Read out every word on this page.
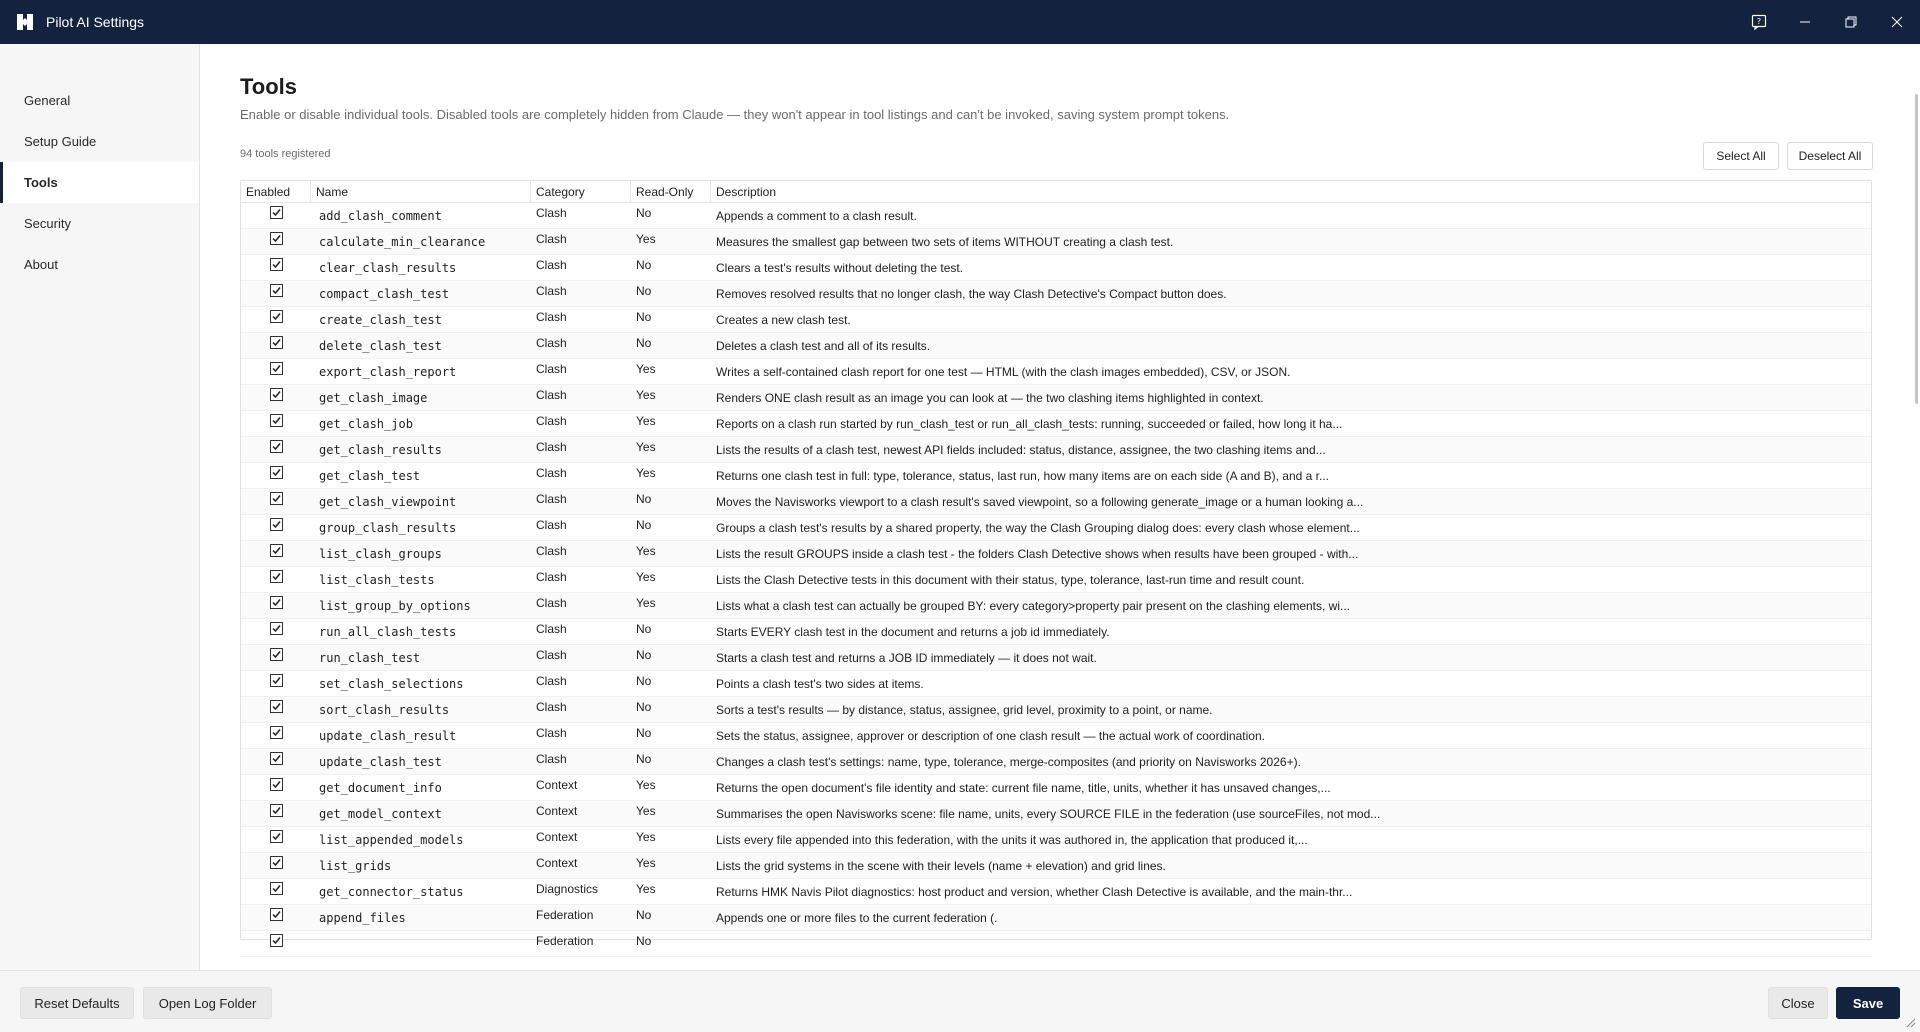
Pilot AI Settings	?
General
Setup Guide
Tools
Security
About
Tools
Enable or disable individual tools. Disabled tools are completely hidden from Claude — they won't appear in tool listings and can't be invoked, saving system prompt tokens.
94 tools registered	Select All	Deselect All
Enabled	Name	Category	Read-Only	Description
add_clash_comment	Clash	No	Appends a comment to a clash result.
calculate_min_clearance	Clash	Yes	Measures the smallest gap between two sets of items WITHOUT creating a clash test.
clear_clash_results	Clash	No	Clears a test's results without deleting the test.
compact_clash_test	Clash	No	Removes resolved results that no longer clash, the way Clash Detective's Compact button does.
create_clash_test	Clash	No	Creates a new clash test.
delete_clash_test	Clash	No	Deletes a clash test and all of its results.
export_clash_report	Clash	Yes	Writes a self-contained clash report for one test — HTML (with the clash images embedded), CSV, or JSON.
get_clash_image	Clash	Yes	Renders ONE clash result as an image you can look at — the two clashing items highlighted in context.
get_clash_job	Clash	Yes	Reports on a clash run started by run_clash_test or run_all_clash_tests: running, succeeded or failed, how long it ha...
get_clash_results	Clash	Yes	Lists the results of a clash test, newest API fields included: status, distance, assignee, the two clashing items and...
get_clash_test	Clash	Yes	Returns one clash test in full: type, tolerance, status, last run, how many items are on each side (A and B), and a r...
get_clash_viewpoint	Clash	No	Moves the Navisworks viewport to a clash result's saved viewpoint, so a following generate_image or a human looking a...
group_clash_results	Clash	No	Groups a clash test's results by a shared property, the way the Clash Grouping dialog does: every clash whose element...
list_clash_groups	Clash	Yes	Lists the result GROUPS inside a clash test - the folders Clash Detective shows when results have been grouped - with...
list_clash_tests	Clash	Yes	Lists the Clash Detective tests in this document with their status, type, tolerance, last-run time and result count.
list_group_by_options	Clash	Yes	Lists what a clash test can actually be grouped BY: every category>property pair present on the clashing elements, wi...
run_all_clash_tests	Clash	No	Starts EVERY clash test in the document and returns a job id immediately.
run_clash_test	Clash	No	Starts a clash test and returns a JOB ID immediately — it does not wait.
set_clash_selections	Clash	No	Points a clash test's two sides at items.
sort_clash_results	Clash	No	Sorts a test's results — by distance, status, assignee, grid level, proximity to a point, or name.
update_clash_result	Clash	No	Sets the status, assignee, approver or description of one clash result — the actual work of coordination.
update_clash_test	Clash	No	Changes a clash test's settings: name, type, tolerance, merge-composites (and priority on Navisworks 2026+).
get_document_info	Context	Yes	Returns the open document's file identity and state: current file name, title, units, whether it has unsaved changes,...
get_model_context	Context	Yes	Summarises the open Navisworks scene: file name, units, every SOURCE FILE in the federation (use sourceFiles, not mod...
list_appended_models	Context	Yes	Lists every file appended into this federation, with the units it was authored in, the application that produced it,...
list_grids	Context	Yes	Lists the grid systems in the scene with their levels (name + elevation) and grid lines.
get_connector_status	Diagnostics	Yes	Returns HMK Navis Pilot diagnostics: host product and version, whether Clash Detective is available, and the main-thr...
append_files	Federation	No	Appends one or more files to the current federation (.
Federation	No
Reset Defaults	Open Log Folder	Close	Save
